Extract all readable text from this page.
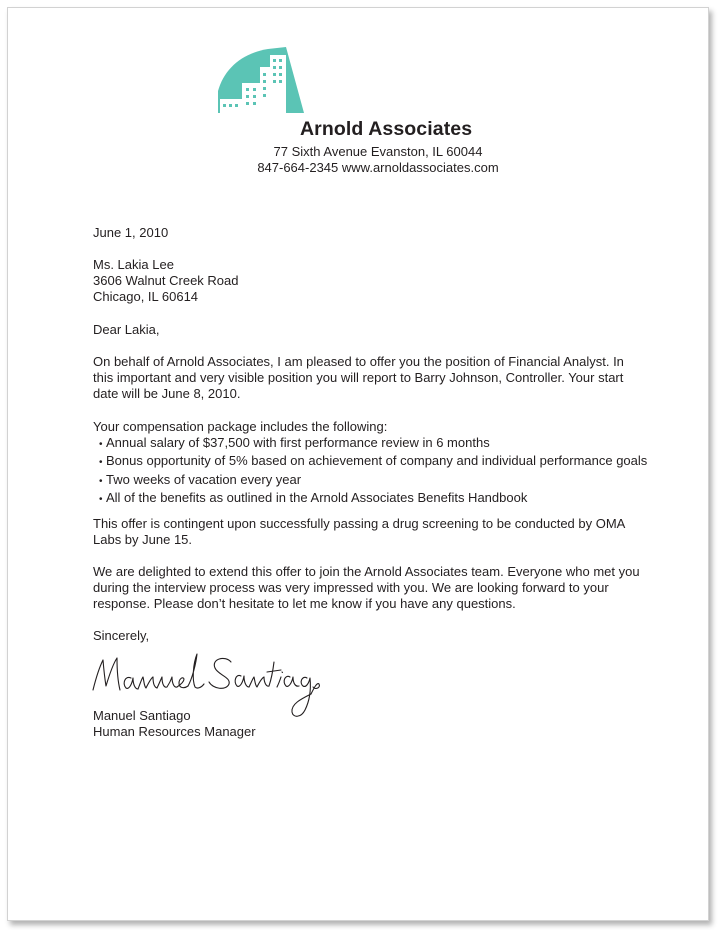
Arnold Associates
77 Sixth Avenue Evanston, IL 60044
847-664-2345 www.arnoldassociates.com

June 1, 2010

Ms. Lakia Lee

3606 Walnut Creek Road

Chicago, IL 60614

Dear Lakia,

On behalf of Arnold Associates, I am pleased to offer you the position of Financial Analyst. In

this important and very visible position you will report to Barry Johnson, Controller. Your start

date will be June 8, 2010.

Your compensation package includes the following:

• Annual salary of $37,500 with first performance review in 6 months
• Bonus opportunity of 5% based on achievement of company and individual performance goals
• Two weeks of vacation every year
• All of the benefits as outlined in the Arnold Associates Benefits Handbook

This offer is contingent upon successfully passing a drug screening to be conducted by OMA

Labs by June 15.

We are delighted to extend this offer to join the Arnold Associates team. Everyone who met you

during the interview process was very impressed with you. We are looking forward to your

response. Please don’t hesitate to let me know if you have any questions.

Sincerely,

Manuel Santiago

Human Resources Manager
